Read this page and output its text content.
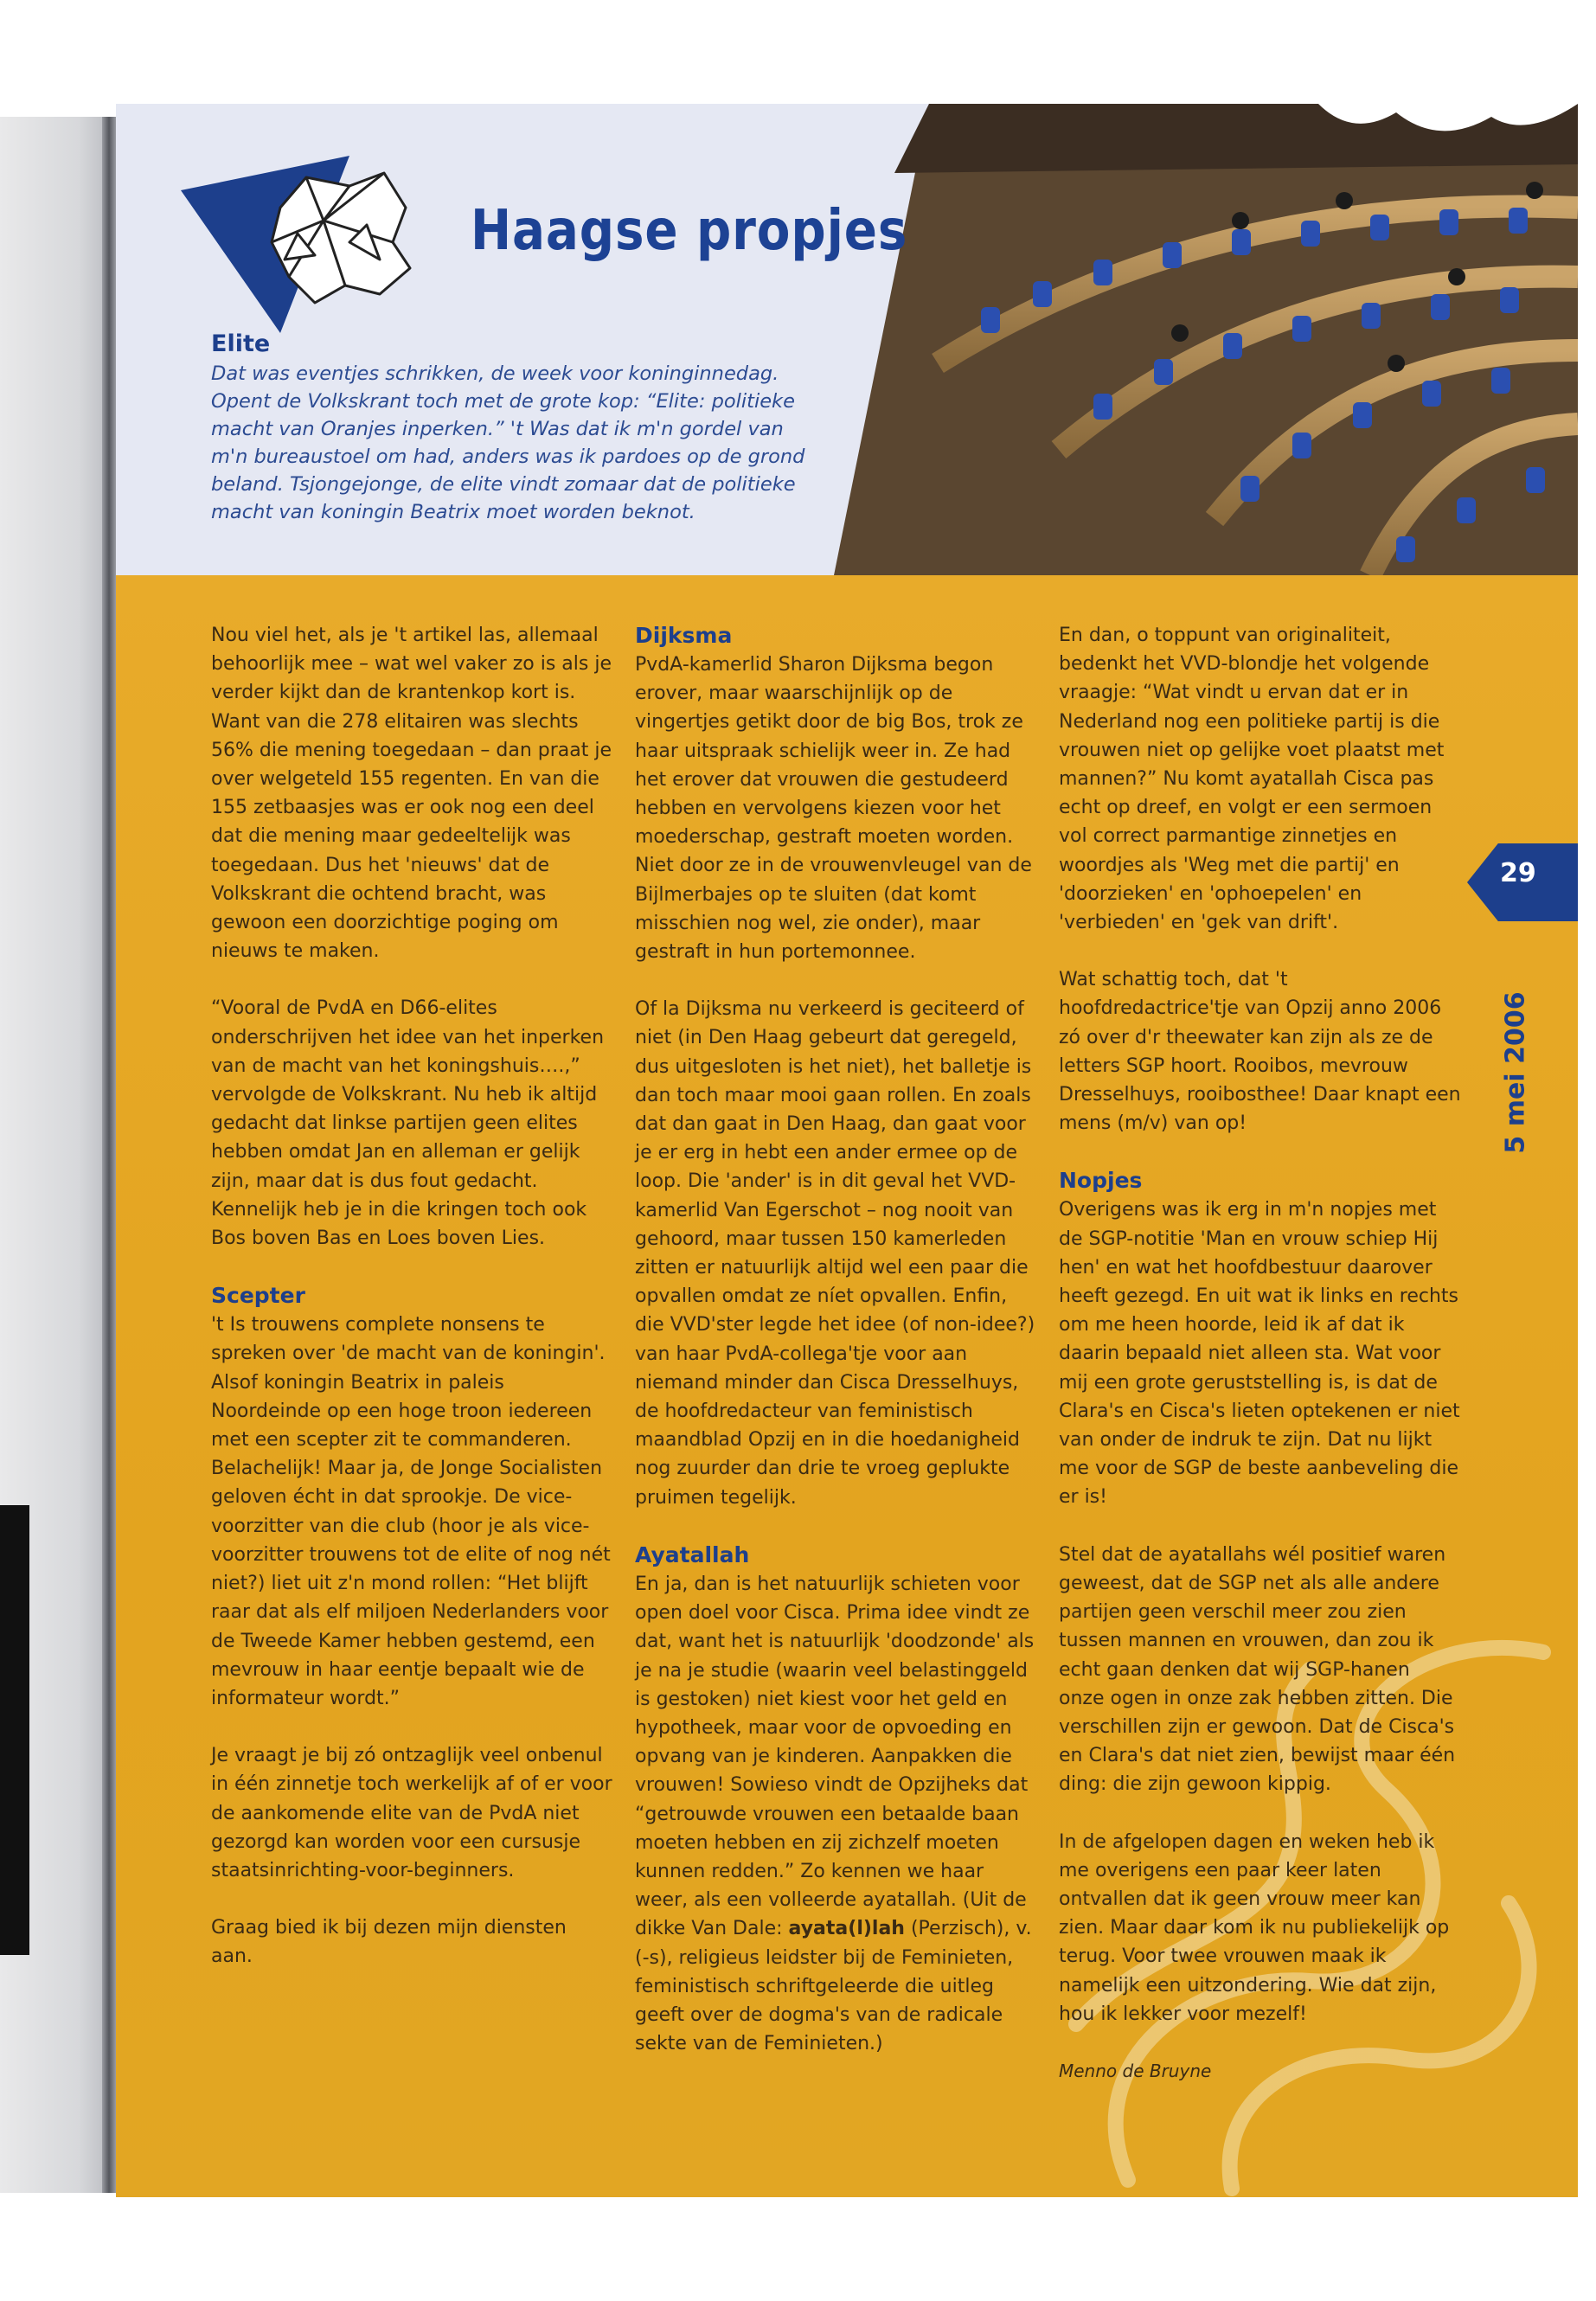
Haagse propjes
Elite

Dat was eventjes schrikken, de week voor koninginnedag.

Opent de Volkskrant toch met de grote kop: “Elite: politieke

macht van Oranjes inperken.” 't Was dat ik m'n gordel van

m'n bureaustoel om had, anders was ik pardoes op de grond

beland. Tsjongejonge, de elite vindt zomaar dat de politieke

macht van koningin Beatrix moet worden beknot.

Nou viel het, als je 't artikel las, allemaal behoorlijk mee – wat wel vaker zo is als je verder kijkt dan de krantenkop kort is. Want van die 278 elitairen was slechts 56% die mening toegedaan – dan praat je over welgeteld 155 regenten. En van die 155 zetbaasjes was er ook nog een deel dat die mening maar gedeeltelijk was toegedaan. Dus het 'nieuws' dat de Volkskrant die ochtend bracht, was gewoon een doorzichtige poging om nieuws te maken.

“Vooral de PvdA en D66-elites onderschrijven het idee van het inperken van de macht van het koningshuis….,” vervolgde de Volkskrant. Nu heb ik altijd gedacht dat linkse partijen geen elites hebben omdat Jan en alleman er gelijk zijn, maar dat is dus fout gedacht. Kennelijk heb je in die kringen toch ook Bos boven Bas en Loes boven Lies.

Scepter

't Is trouwens complete nonsens te spreken over 'de macht van de koningin'. Alsof koningin Beatrix in paleis Noordeinde op een hoge troon iedereen met een scepter zit te commanderen. Belachelijk! Maar ja, de Jonge Socialisten geloven écht in dat sprookje. De vice-voorzitter van die club (hoor je als vice-voorzitter trouwens tot de elite of nog nét niet?) liet uit z'n mond rollen: “Het blijft raar dat als elf miljoen Nederlanders voor de Tweede Kamer hebben gestemd, een mevrouw in haar eentje bepaalt wie de informateur wordt.”

Je vraagt je bij zó ontzaglijk veel onbenul in één zinnetje toch werkelijk af of er voor de aankomende elite van de PvdA niet gezorgd kan worden voor een cursusje staatsinrichting-voor-beginners.

Graag bied ik bij dezen mijn diensten aan.

Dijksma

PvdA-kamerlid Sharon Dijksma begon erover, maar waarschijnlijk op de vingertjes getikt door de big Bos, trok ze haar uitspraak schielijk weer in. Ze had het erover dat vrouwen die gestudeerd hebben en vervolgens kiezen voor het moederschap, gestraft moeten worden. Niet door ze in de vrouwenvleugel van de Bijlmerbajes op te sluiten (dat komt misschien nog wel, zie onder), maar gestraft in hun portemonnee.

Of la Dijksma nu verkeerd is geciteerd of niet (in Den Haag gebeurt dat geregeld, dus uitgesloten is het niet), het balletje is dan toch maar mooi gaan rollen. En zoals dat dan gaat in Den Haag, dan gaat voor je er erg in hebt een ander ermee op de loop. Die 'ander' is in dit geval het VVD-kamerlid Van Egerschot – nog nooit van gehoord, maar tussen 150 kamerleden zitten er natuurlijk altijd wel een paar die opvallen omdat ze níet opvallen. Enfin, die VVD'ster legde het idee (of non-idee?) van haar PvdA-collega'tje voor aan niemand minder dan Cisca Dresselhuys, de hoofdredacteur van feministisch maandblad Opzij en in die hoedanigheid nog zuurder dan drie te vroeg geplukte pruimen tegelijk.

Ayatallah

En ja, dan is het natuurlijk schieten voor open doel voor Cisca. Prima idee vindt ze dat, want het is natuurlijk 'doodzonde' als je na je studie (waarin veel belastinggeld is gestoken) niet kiest voor het geld en hypotheek, maar voor de opvoeding en opvang van je kinderen. Aanpakken die vrouwen! Sowieso vindt de Opzijheks dat “getrouwde vrouwen een betaalde baan moeten hebben en zij zichzelf moeten kunnen redden.” Zo kennen we haar weer, als een volleerde ayatallah. (Uit de dikke Van Dale: ayata(l)lah (Perzisch), v. (-s), religieus leidster bij de Feminieten, feministisch schriftgeleerde die uitleg geeft over de dogma's van de radicale sekte van de Feminieten.)

En dan, o toppunt van originaliteit, bedenkt het VVD-blondje het volgende vraagje: “Wat vindt u ervan dat er in Nederland nog een politieke partij is die vrouwen niet op gelijke voet plaatst met mannen?” Nu komt ayatallah Cisca pas echt op dreef, en volgt er een sermoen vol correct parmantige zinnetjes en woordjes als 'Weg met die partij' en 'doorzieken' en 'ophoepelen' en 'verbieden' en 'gek van drift'.

Wat schattig toch, dat 't hoofdredactrice'tje van Opzij anno 2006 zó over d'r theewater kan zijn als ze de letters SGP hoort. Rooibos, mevrouw Dresselhuys, rooibosthee! Daar knapt een mens (m/v) van op!

Nopjes

Overigens was ik erg in m'n nopjes met de SGP-notitie 'Man en vrouw schiep Hij hen' en wat het hoofdbestuur daarover heeft gezegd. En uit wat ik links en rechts om me heen hoorde, leid ik af dat ik daarin bepaald niet alleen sta. Wat voor mij een grote geruststelling is, is dat de Clara's en Cisca's lieten optekenen er niet van onder de indruk te zijn. Dat nu lijkt me voor de SGP de beste aanbeveling die er is!

Stel dat de ayatallahs wél positief waren geweest, dat de SGP net als alle andere partijen geen verschil meer zou zien tussen mannen en vrouwen, dan zou ik echt gaan denken dat wij SGP-hanen onze ogen in onze zak hebben zitten. Die verschillen zijn er gewoon. Dat de Cisca's en Clara's dat niet zien, bewijst maar één ding: die zijn gewoon kippig.

In de afgelopen dagen en weken heb ik me overigens een paar keer laten ontvallen dat ik geen vrouw meer kan zien. Maar daar kom ik nu publiekelijk op terug. Voor twee vrouwen maak ik namelijk een uitzondering. Wie dat zijn, hou ik lekker voor mezelf!

Menno de Bruyne

29
5 mei 2006
